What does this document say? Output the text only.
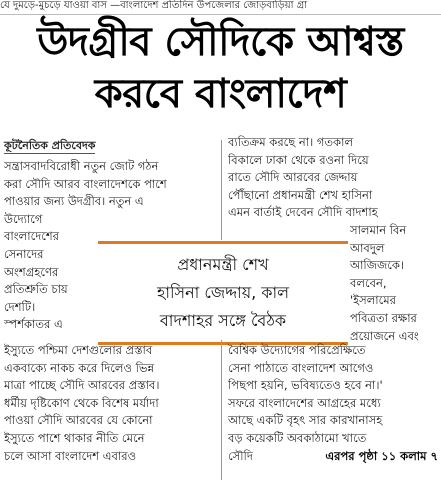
যে দুমড়ে-মুচড়ে যাওয়া বাস —বাংলাদেশ প্রতিদিন উপজেলার জোড়বাড়িয়া গ্রা
উদগ্রীব সৌদিকে আশ্বস্ত
করবে বাংলাদেশ
কূটনৈতিক প্রতিবেদক
সন্ত্রাসবাদবিরোধী নতুন জোট গঠন
করা সৌদি আরব বাংলাদেশকে পাশে
পাওয়ার জন্য উদগ্রীব। নতুন এ
উদ্যোগে
বাংলাদেশের
সেনাদের
অংশগ্রহণের
প্রতিশ্রুতি চায়
দেশটি।
স্পর্শকাতর এ
ব্যতিক্রম করছে না। গতকাল
বিকালে ঢাকা থেকে রওনা দিয়ে
রাতে সৌদি আরবের জেদ্দায়
পৌঁছানো প্রধানমন্ত্রী শেখ হাসিনা
এমন বার্তাই দেবেন সৌদি বাদশাহ
সালমান বিন
আবদুল
আজিজকে।
বলবেন,
'ইসলামের
পবিত্রতা রক্ষার
প্রয়োজনে এবং
প্রধানমন্ত্রী শেখ
হাসিনা জেদ্দায়, কাল
বাদশাহর সঙ্গে বৈঠক
ইস্যুতে পশ্চিমা দেশগুলোর প্রস্তাব
একবাক্যে নাকচ করে দিলেও ভিন্ন
মাত্রা পাচ্ছে সৌদি আরবের প্রস্তাব।
ধর্মীয় দৃষ্টিকোণ থেকে বিশেষ মর্যাদা
পাওয়া সৌদি আরবের যে কোনো
ইস্যুতে পাশে থাকার নীতি মেনে
চলে আসা বাংলাদেশ এবারও
বৈশ্বিক উদ্যোগের পরিপ্রেক্ষিতে
সেনা পাঠাতে বাংলাদেশ আগেও
পিছপা হয়নি, ভবিষ্যতেও হবে না।'
সফরে বাংলাদেশের আগ্রহের মধ্যে
আছে একটি বৃহৎ সার কারখানাসহ
বড় কয়েকটি অবকাঠামো খাতে
সৌদি	এরপর পৃষ্ঠা ১১ কলাম ৭
